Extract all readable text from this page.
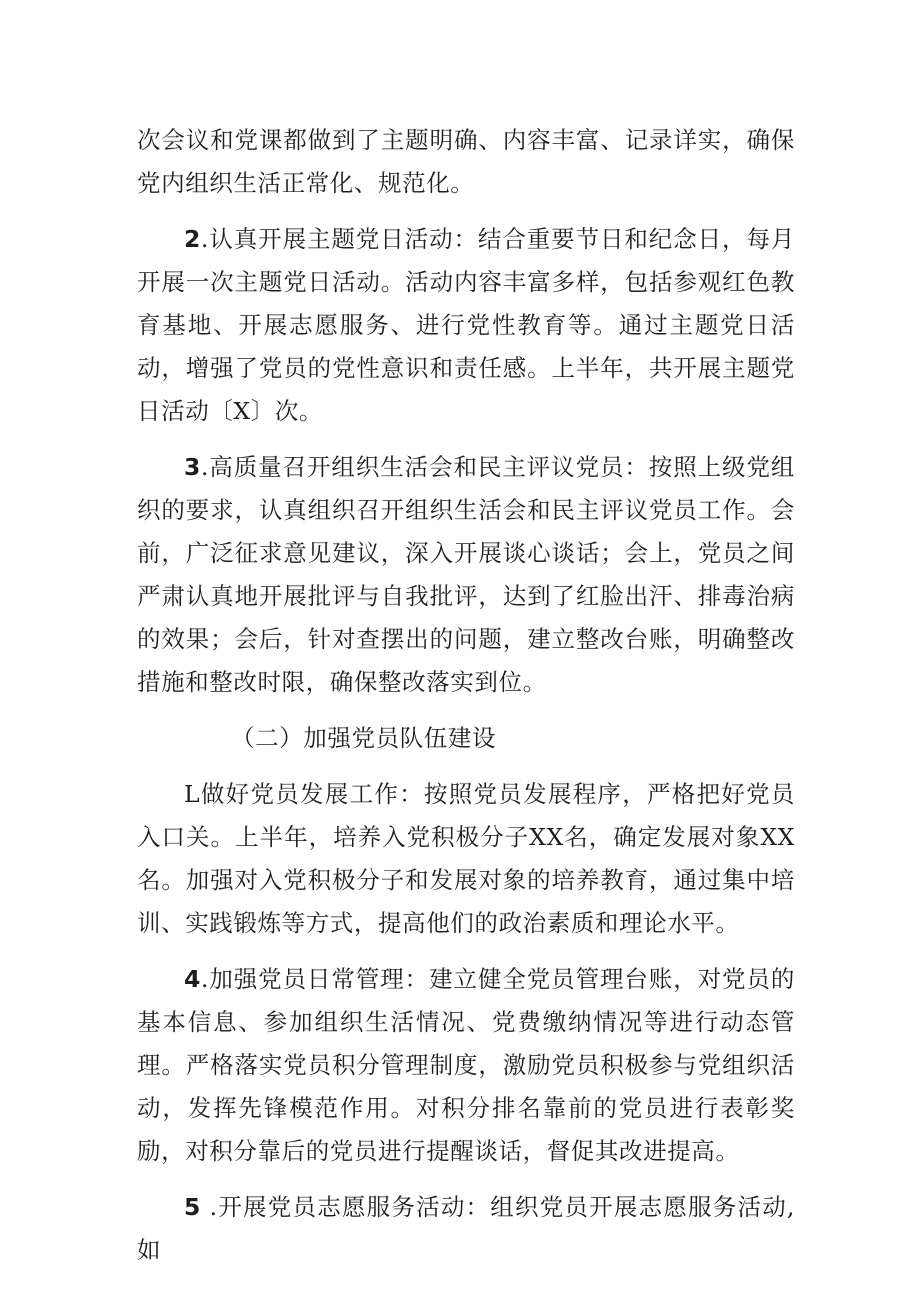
次会议和党课都做到了主题明确、内容丰富、记录详实，确保党内组织生活正常化、规范化。

2.认真开展主题党日活动：结合重要节日和纪念日，每月开展一次主题党日活动。活动内容丰富多样，包括参观红色教育基地、开展志愿服务、进行党性教育等。通过主题党日活动，增强了党员的党性意识和责任感。上半年，共开展主题党日活动〔X〕次。

3.高质量召开组织生活会和民主评议党员：按照上级党组织的要求，认真组织召开组织生活会和民主评议党员工作。会前，广泛征求意见建议，深入开展谈心谈话；会上，党员之间严肃认真地开展批评与自我批评，达到了红脸出汗、排毒治病的效果；会后，针对查摆出的问题，建立整改台账，明确整改措施和整改时限，确保整改落实到位。

（二）加强党员队伍建设

L做好党员发展工作：按照党员发展程序，严格把好党员入口关。上半年，培养入党积极分子XX名，确定发展对象XX名。加强对入党积极分子和发展对象的培养教育，通过集中培训、实践锻炼等方式，提高他们的政治素质和理论水平。

4.加强党员日常管理：建立健全党员管理台账，对党员的基本信息、参加组织生活情况、党费缴纳情况等进行动态管理。严格落实党员积分管理制度，激励党员积极参与党组织活动，发挥先锋模范作用。对积分排名靠前的党员进行表彰奖励，对积分靠后的党员进行提醒谈话，督促其改进提高。

5 .开展党员志愿服务活动：组织党员开展志愿服务活动,如
